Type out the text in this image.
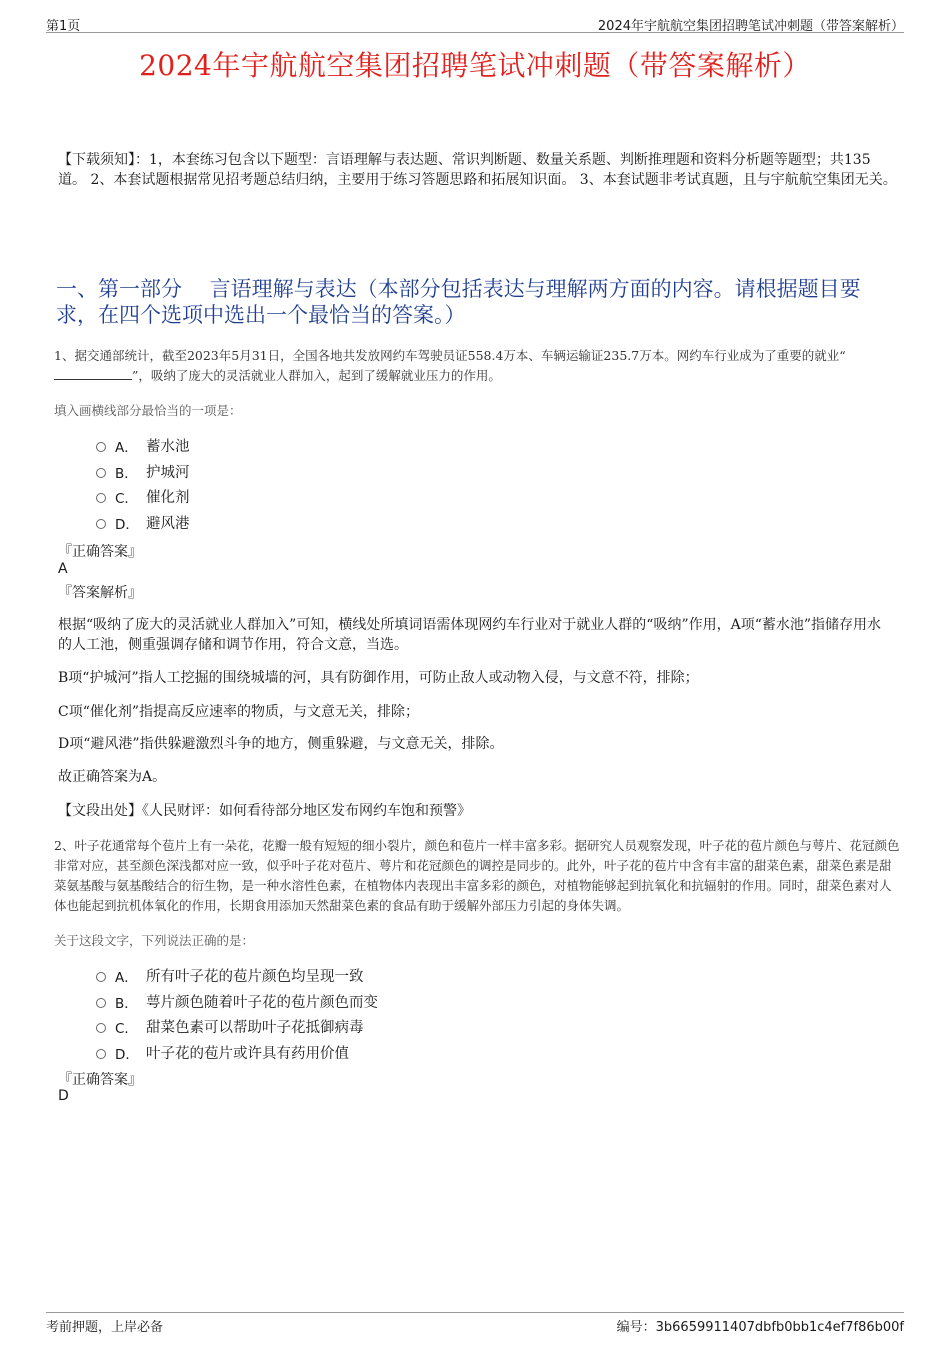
第1页	2024年宇航航空集团招聘笔试冲刺题（带答案解析）
2024年宇航航空集团招聘笔试冲刺题（带答案解析）
【下载须知】：1，本套练习包含以下题型：言语理解与表达题、常识判断题、数量关系题、判断推理题和资料分析题等题型；共135道。 2、本套试题根据常见招考题总结归纳，主要用于练习答题思路和拓展知识面。 3、本套试题非考试真题，且与宇航航空集团无关。
一、第一部分　 言语理解与表达（本部分包括表达与理解两方面的内容。请根据题目要求，在四个选项中选出一个最恰当的答案。）
1、据交通部统计，截至2023年5月31日，全国各地共发放网约车驾驶员证558.4万本、车辆运输证235.7万本。网约车行业成为了重要的就业“”，吸纳了庞大的灵活就业人群加入，起到了缓解就业压力的作用。
填入画横线部分最恰当的一项是：
A． 蓄水池
B． 护城河
C． 催化剂
D． 避风港
『正确答案』
A
『答案解析』
根据“吸纳了庞大的灵活就业人群加入”可知，横线处所填词语需体现网约车行业对于就业人群的“吸纳”作用，A项“蓄水池”指储存用水的人工池，侧重强调存储和调节作用，符合文意，当选。
B项“护城河”指人工挖掘的围绕城墙的河，具有防御作用，可防止敌人或动物入侵，与文意不符，排除；
C项“催化剂”指提高反应速率的物质，与文意无关，排除；
D项“避风港”指供躲避激烈斗争的地方，侧重躲避，与文意无关，排除。
故正确答案为A。
【文段出处】《人民财评：如何看待部分地区发布网约车饱和预警》
2、叶子花通常每个苞片上有一朵花，花瓣一般有短短的细小裂片，颜色和苞片一样丰富多彩。据研究人员观察发现，叶子花的苞片颜色与萼片、花冠颜色非常对应，甚至颜色深浅都对应一致，似乎叶子花对苞片、萼片和花冠颜色的调控是同步的。此外，叶子花的苞片中含有丰富的甜菜色素，甜菜色素是甜菜氨基酸与氨基酸结合的衍生物，是一种水溶性色素，在植物体内表现出丰富多彩的颜色，对植物能够起到抗氧化和抗辐射的作用。同时，甜菜色素对人体也能起到抗机体氧化的作用，长期食用添加天然甜菜色素的食品有助于缓解外部压力引起的身体失调。
关于这段文字，下列说法正确的是：
A． 所有叶子花的苞片颜色均呈现一致
B． 萼片颜色随着叶子花的苞片颜色而变
C． 甜菜色素可以帮助叶子花抵御病毒
D． 叶子花的苞片或许具有药用价值
『正确答案』
D
考前押题，上岸必备	编号：3b6659911407dbfb0bb1c4ef7f86b00f
